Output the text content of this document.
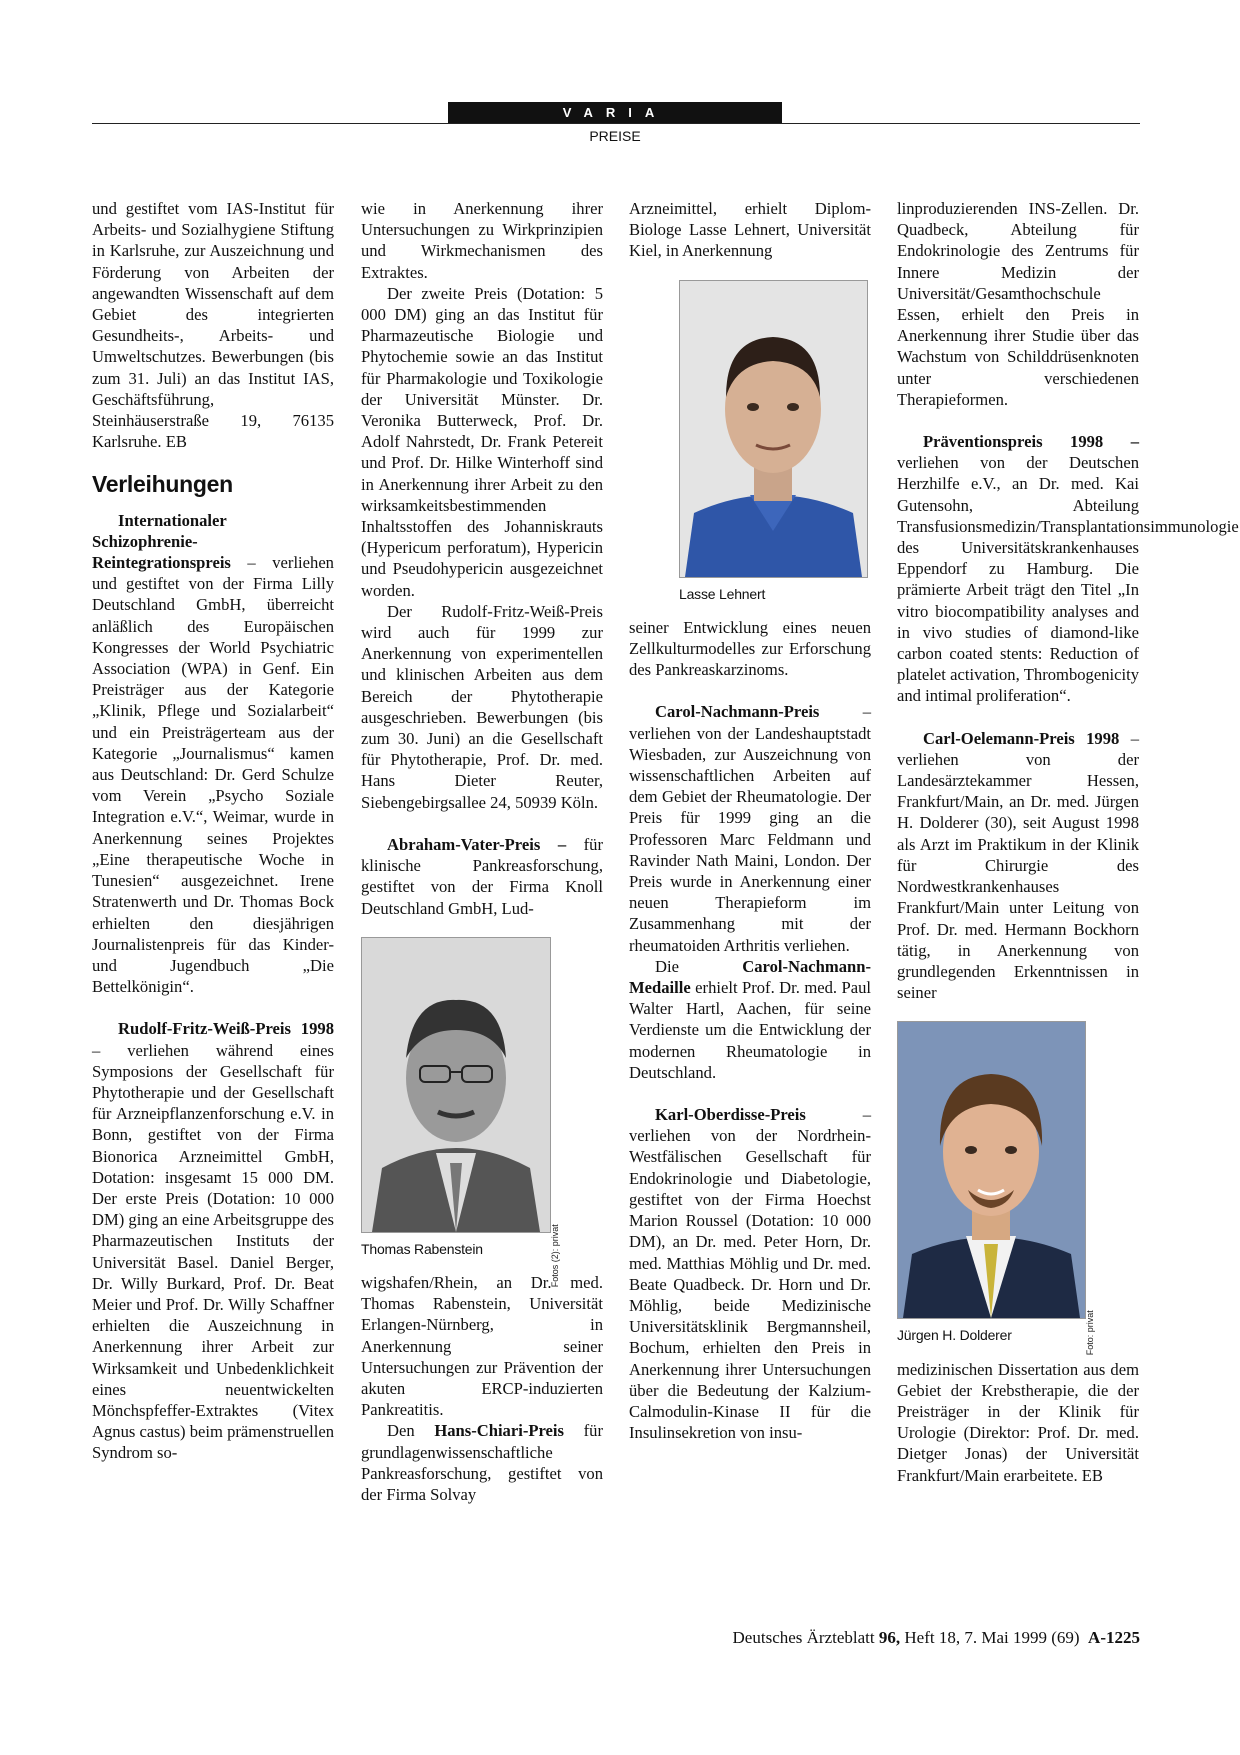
VARIA
PREISE

und gestiftet vom IAS-Institut für Arbeits- und Sozialhygiene Stiftung in Karlsruhe, zur Auszeichnung und Förderung von Arbeiten der angewandten Wissenschaft auf dem Gebiet des integrierten Gesundheits-, Arbeits- und Umweltschutzes. Bewerbungen (bis zum 31. Juli) an das Institut IAS, Geschäftsführung, Steinhäuserstraße 19, 76135 Karlsruhe. EB

Verleihungen

Internationaler Schizophrenie-Reintegrationspreis – verliehen und gestiftet von der Firma Lilly Deutschland GmbH, überreicht anläßlich des Europäischen Kongresses der World Psychiatric Association (WPA) in Genf. Ein Preisträger aus der Kategorie „Klinik, Pflege und Sozialarbeit“ und ein Preisträgerteam aus der Kategorie „Journalismus“ kamen aus Deutschland: Dr. Gerd Schulze vom Verein „Psycho Soziale Integration e.V.“, Weimar, wurde in Anerkennung seines Projektes „Eine therapeutische Woche in Tunesien“ ausgezeichnet. Irene Stratenwerth und Dr. Thomas Bock erhielten den diesjährigen Journalistenpreis für das Kinder- und Jugendbuch „Die Bettelkönigin“.

Rudolf-Fritz-Weiß-Preis 1998 – verliehen während eines Symposions der Gesellschaft für Phytotherapie und der Gesellschaft für Arzneipflanzenforschung e.V. in Bonn, gestiftet von der Firma Bionorica Arzneimittel GmbH, Dotation: insgesamt 15 000 DM. Der erste Preis (Dotation: 10 000 DM) ging an eine Arbeitsgruppe des Pharmazeutischen Instituts der Universität Basel. Daniel Berger, Dr. Willy Burkard, Prof. Dr. Beat Meier und Prof. Dr. Willy Schaffner erhielten die Auszeichnung in Anerkennung ihrer Arbeit zur Wirksamkeit und Unbedenklichkeit eines neuentwickelten Mönchspfeffer-Extraktes (Vitex Agnus castus) beim prämenstruellen Syndrom so-

wie in Anerkennung ihrer Untersuchungen zu Wirkprinzipien und Wirkmechanismen des Extraktes.

Der zweite Preis (Dotation: 5 000 DM) ging an das Institut für Pharmazeutische Biologie und Phytochemie sowie an das Institut für Pharmakologie und Toxikologie der Universität Münster. Dr. Veronika Butterweck, Prof. Dr. Adolf Nahrstedt, Dr. Frank Petereit und Prof. Dr. Hilke Winterhoff sind in Anerkennung ihrer Arbeit zu den wirksamkeitsbestimmenden Inhaltsstoffen des Johanniskrauts (Hypericum perforatum), Hypericin und Pseudohypericin ausgezeichnet worden.

Der Rudolf-Fritz-Weiß-Preis wird auch für 1999 zur Anerkennung von experimentellen und klinischen Arbeiten aus dem Bereich der Phytotherapie ausgeschrieben. Bewerbungen (bis zum 30. Juni) an die Gesellschaft für Phytotherapie, Prof. Dr. med. Hans Dieter Reuter, Siebengebirgsallee 24, 50939 Köln.

Abraham-Vater-Preis – für klinische Pankreasforschung, gestiftet von der Firma Knoll Deutschland GmbH, Lud-

Fotos (2): privat
Thomas Rabenstein

wigshafen/Rhein, an Dr. med. Thomas Rabenstein, Universität Erlangen-Nürnberg, in Anerkennung seiner Untersuchungen zur Prävention der akuten ERCP-induzierten Pankreatitis.

Den Hans-Chiari-Preis für grundlagenwissenschaftliche Pankreasforschung, gestiftet von der Firma Solvay

Arzneimittel, erhielt Diplom-Biologe Lasse Lehnert, Universität Kiel, in Anerkennung

Lasse Lehnert

seiner Entwicklung eines neuen Zellkulturmodelles zur Erforschung des Pankreaskarzinoms.

Carol-Nachmann-Preis – verliehen von der Landeshauptstadt Wiesbaden, zur Auszeichnung von wissenschaftlichen Arbeiten auf dem Gebiet der Rheumatologie. Der Preis für 1999 ging an die Professoren Marc Feldmann und Ravinder Nath Maini, London. Der Preis wurde in Anerkennung einer neuen Therapieform im Zusammenhang mit der rheumatoiden Arthritis verliehen.

Die Carol-Nachmann-Medaille erhielt Prof. Dr. med. Paul Walter Hartl, Aachen, für seine Verdienste um die Entwicklung der modernen Rheumatologie in Deutschland.

Karl-Oberdisse-Preis – verliehen von der Nordrhein-Westfälischen Gesellschaft für Endokrinologie und Diabetologie, gestiftet von der Firma Hoechst Marion Roussel (Dotation: 10 000 DM), an Dr. med. Peter Horn, Dr. med. Matthias Möhlig und Dr. med. Beate Quadbeck. Dr. Horn und Dr. Möhlig, beide Medizinische Universitätsklinik Bergmannsheil, Bochum, erhielten den Preis in Anerkennung ihrer Untersuchungen über die Bedeutung der Kalzium-Calmodulin-Kinase II für die Insulinsekretion von insu-

linproduzierenden INS-Zellen. Dr. Quadbeck, Abteilung für Endokrinologie des Zentrums für Innere Medizin der Universität/Gesamthochschule Essen, erhielt den Preis in Anerkennung ihrer Studie über das Wachstum von Schilddrüsenknoten unter verschiedenen Therapieformen.

Präventionspreis 1998 – verliehen von der Deutschen Herzhilfe e.V., an Dr. med. Kai Gutensohn, Abteilung Transfusionsmedizin/Transplantationsimmunologie des Universitätskrankenhauses Eppendorf zu Hamburg. Die prämierte Arbeit trägt den Titel „In vitro biocompatibility analyses and in vivo studies of diamond-like carbon coated stents: Reduction of platelet activation, Thrombogenicity and intimal proliferation“.

Carl-Oelemann-Preis 1998 – verliehen von der Landesärztekammer Hessen, Frankfurt/Main, an Dr. med. Jürgen H. Dolderer (30), seit August 1998 als Arzt im Praktikum in der Klinik für Chirurgie des Nordwestkrankenhauses Frankfurt/Main unter Leitung von Prof. Dr. med. Hermann Bockhorn tätig, in Anerkennung von grundlegenden Erkenntnissen in seiner

Foto: privat
Jürgen H. Dolderer

medizinischen Dissertation aus dem Gebiet der Krebstherapie, die der Preisträger in der Klinik für Urologie (Direktor: Prof. Dr. med. Dietger Jonas) der Universität Frankfurt/Main erarbeitete. EB

Deutsches Ärzteblatt 96, Heft 18, 7. Mai 1999 (69) A-1225
